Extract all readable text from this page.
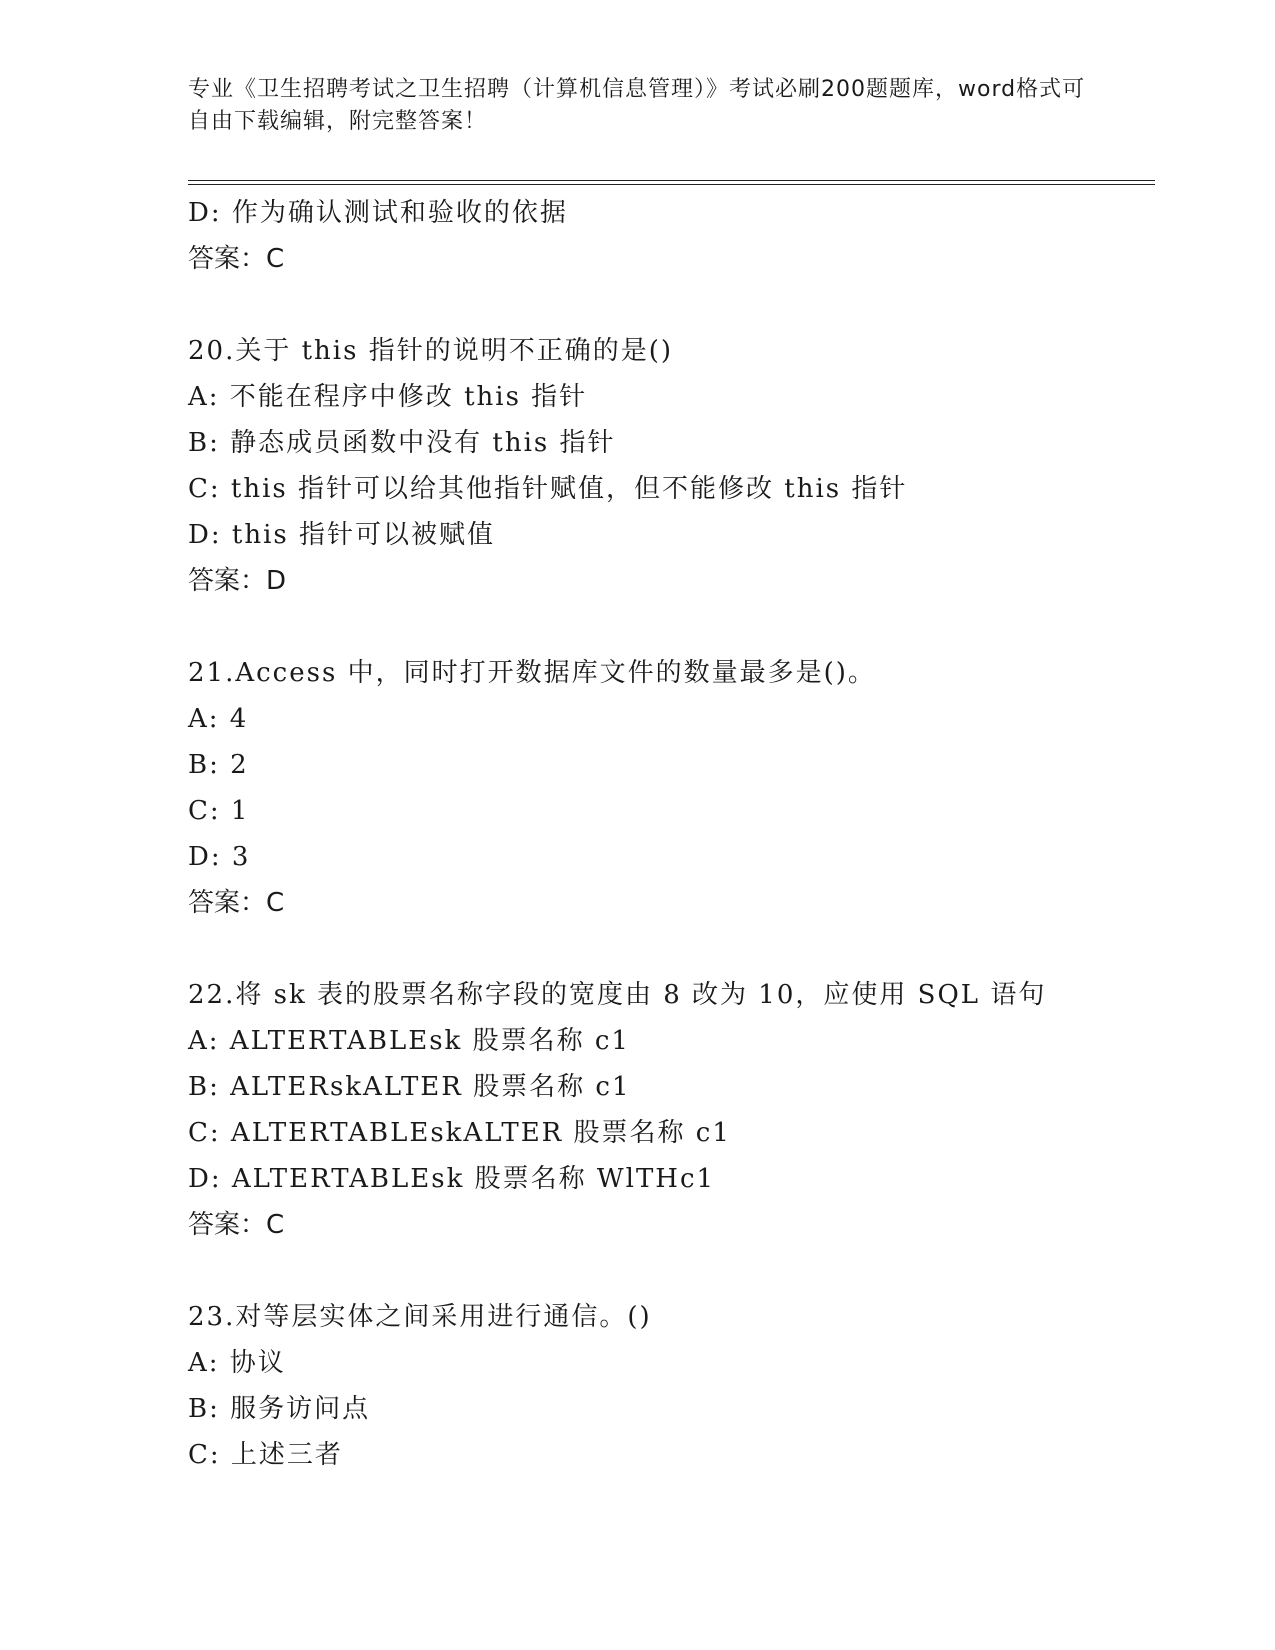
专业《卫生招聘考试之卫生招聘（计算机信息管理）》考试必刷200题题库，word格式可自由下载编辑，附完整答案！
D: 作为确认测试和验收的依据
答案：C
20.关于 this 指针的说明不正确的是()
A: 不能在程序中修改 this 指针
B: 静态成员函数中没有 this 指针
C: this 指针可以给其他指针赋值，但不能修改 this 指针
D: this 指针可以被赋值
答案：D
21.Access 中，同时打开数据库文件的数量最多是()。
A: 4
B: 2
C: 1
D: 3
答案：C
22.将 sk 表的股票名称字段的宽度由 8 改为 10，应使用 SQL 语句
A: ALTERTABLEsk 股票名称 c1
B: ALTERskALTER 股票名称 c1
C: ALTERTABLEskALTER 股票名称 c1
D: ALTERTABLEsk 股票名称 WlTHc1
答案：C
23.对等层实体之间采用进行通信。()
A: 协议
B: 服务访问点
C: 上述三者
